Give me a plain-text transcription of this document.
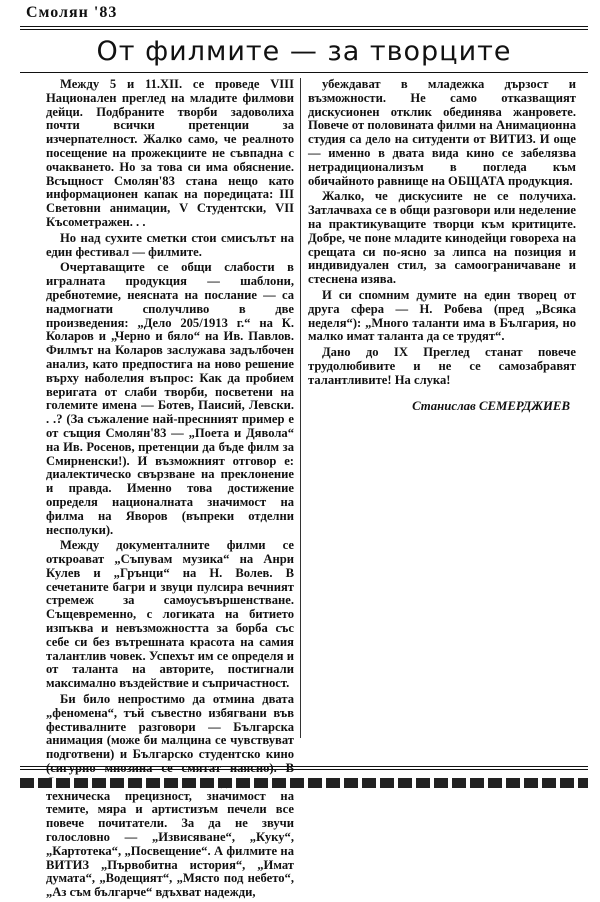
Смолян '83
От филмите — за творците

Между 5 и 11.XII. се проведе VIII Национален преглед на младите филмови дейци. Подбраните творби задоволиха почти всички претенции за изчерпателност. Жалко само, че реалното посещение на прожекциите не съвпадна с очакването. Но за това си има обяснение. Всъщност Смолян'83 стана нещо като информационен капак на поредицата: III Световни анимации, V Студентски, VII Късометражен. . .

Но над сухите сметки стои смисълът на един фестивал — филмите.

Очертаващите се общи слабости в игралната продукция — шаблони, дребнотемие, неясната на послание — са надмогнати сполучливо в две произведения: „Дело 205/1913 г.“ на К. Коларов и „Черно и бяло“ на Ив. Павлов. Филмът на Коларов заслужава задълбочен анализ, като предпостига на ново решение върху наболелия въпрос: Как да пробием веригата от слаби творби, посветени на големите имена — Ботев, Паисий, Левски. . .? (За съжаление най-преснният пример е от същия Смолян'83 — „Поета и Дявола“ на Ив. Росенов, претенции да бъде филм за Смирненски!). И възможният отговор е: диалектическо свързване на преклонение и правда. Именно това достижение определя националната значимост на филма на Яворов (въпреки отделни несполуки).

Между документалните филми се откроават „Съпувам музика“ на Анри Кулев и „Грънци“ на Н. Волев. В сечетаните багри и звуци пулсира вечният стремеж за самоусъвършенстване. Същевременно, с логиката на битието изпъква и невъзможността за борба със себе си без вътрешната красота на самия талантлив човек. Успехът им се определя и от таланта на авторите, постигнали максимално въздействие и съпричастност.

Би било непростимо да отмина двата „феномена“, тъй съвестно избягвани във фестивалните разговори — Българска анимация (може би малцина се чувствуват подготвени) и Българско студентско кино (сигурно мнозина се смятат наясно). В техническа прецизност, значимост на темите, мяра и артистизъм печели все повече почитатели. За да не звучи голословно — „Извисяване“, „Куку“, „Картотека“, „Посвещение“. А филмите на ВИТИЗ „Първобитна история“, „Имат думата“, „Водещият“, „Място под небето“, „Аз съм българче“ вдъхват надежди,

убеждават в младежка дързост и възможности. Не само отказващият дискусионен отклик обединява жанровете. Повече от половината филми на Анимационна студия са дело на ситуденти от ВИТИЗ. И още — именно в двата вида кино се забелязва нетрадиционализъм в погледа към обичайното равнище на ОБЩАТА продукция.

Жалко, че дискусиите не се получиха. Затлачваха се в общи разговори или неделение на практикуващите творци към критиците. Добре, че поне младите кинодейци говореха на срещата си по-ясно за липса на позиция и индивидуален стил, за самоограничаване и стеснена изява.

И си спомним думите на един творец от друга сфера — Н. Робева (пред „Всяка неделя“): „Много таланти има в България, но малко имат таланта да се трудят“.

Дано до IX Преглед станат повече трудолюбивите и не се самозабравят талантливите! На слука!

Станислав СЕМЕРДЖИЕВ
